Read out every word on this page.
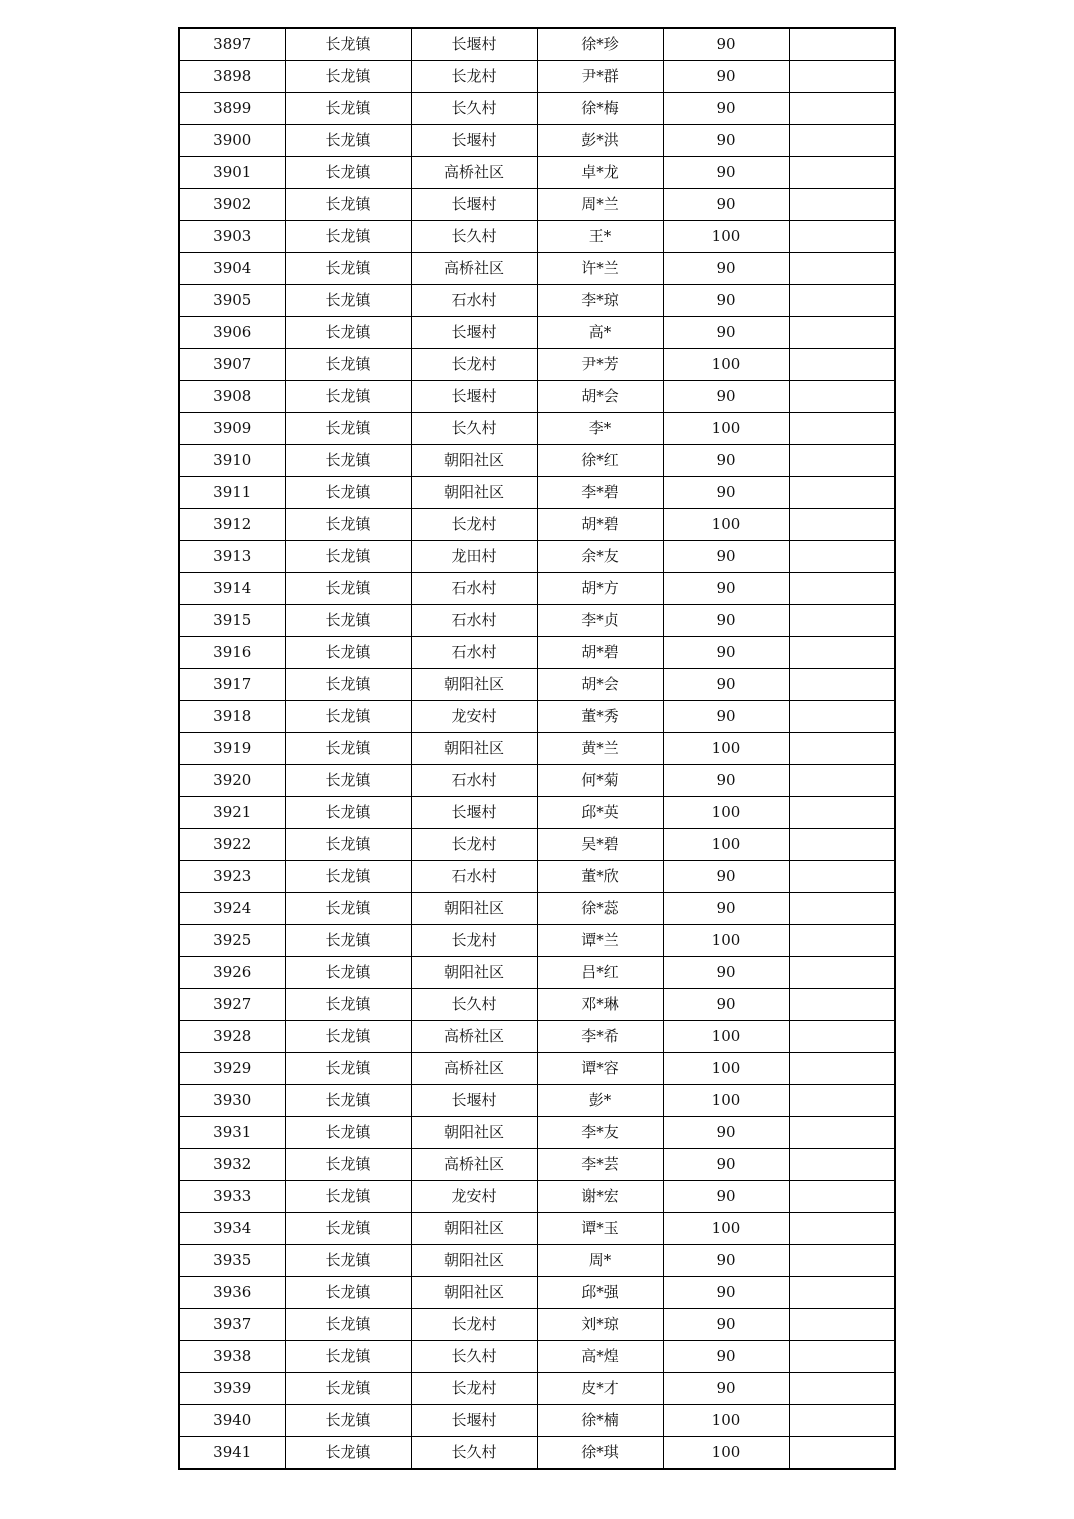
3897	长龙镇	长堰村	徐*珍	90	
3898	长龙镇	长龙村	尹*群	90	
3899	长龙镇	长久村	徐*梅	90	
3900	长龙镇	长堰村	彭*洪	90	
3901	长龙镇	高桥社区	卓*龙	90	
3902	长龙镇	长堰村	周*兰	90	
3903	长龙镇	长久村	王*	100	
3904	长龙镇	高桥社区	许*兰	90	
3905	长龙镇	石水村	李*琼	90	
3906	长龙镇	长堰村	高*	90	
3907	长龙镇	长龙村	尹*芳	100	
3908	长龙镇	长堰村	胡*会	90	
3909	长龙镇	长久村	李*	100	
3910	长龙镇	朝阳社区	徐*红	90	
3911	长龙镇	朝阳社区	李*碧	90	
3912	长龙镇	长龙村	胡*碧	100	
3913	长龙镇	龙田村	余*友	90	
3914	长龙镇	石水村	胡*方	90	
3915	长龙镇	石水村	李*贞	90	
3916	长龙镇	石水村	胡*碧	90	
3917	长龙镇	朝阳社区	胡*会	90	
3918	长龙镇	龙安村	董*秀	90	
3919	长龙镇	朝阳社区	黄*兰	100	
3920	长龙镇	石水村	何*菊	90	
3921	长龙镇	长堰村	邱*英	100	
3922	长龙镇	长龙村	吴*碧	100	
3923	长龙镇	石水村	董*欣	90	
3924	长龙镇	朝阳社区	徐*蕊	90	
3925	长龙镇	长龙村	谭*兰	100	
3926	长龙镇	朝阳社区	吕*红	90	
3927	长龙镇	长久村	邓*琳	90	
3928	长龙镇	高桥社区	李*希	100	
3929	长龙镇	高桥社区	谭*容	100	
3930	长龙镇	长堰村	彭*	100	
3931	长龙镇	朝阳社区	李*友	90	
3932	长龙镇	高桥社区	李*芸	90	
3933	长龙镇	龙安村	谢*宏	90	
3934	长龙镇	朝阳社区	谭*玉	100	
3935	长龙镇	朝阳社区	周*	90	
3936	长龙镇	朝阳社区	邱*强	90	
3937	长龙镇	长龙村	刘*琼	90	
3938	长龙镇	长久村	高*煌	90	
3939	长龙镇	长龙村	皮*才	90	
3940	长龙镇	长堰村	徐*楠	100	
3941	长龙镇	长久村	徐*琪	100	
